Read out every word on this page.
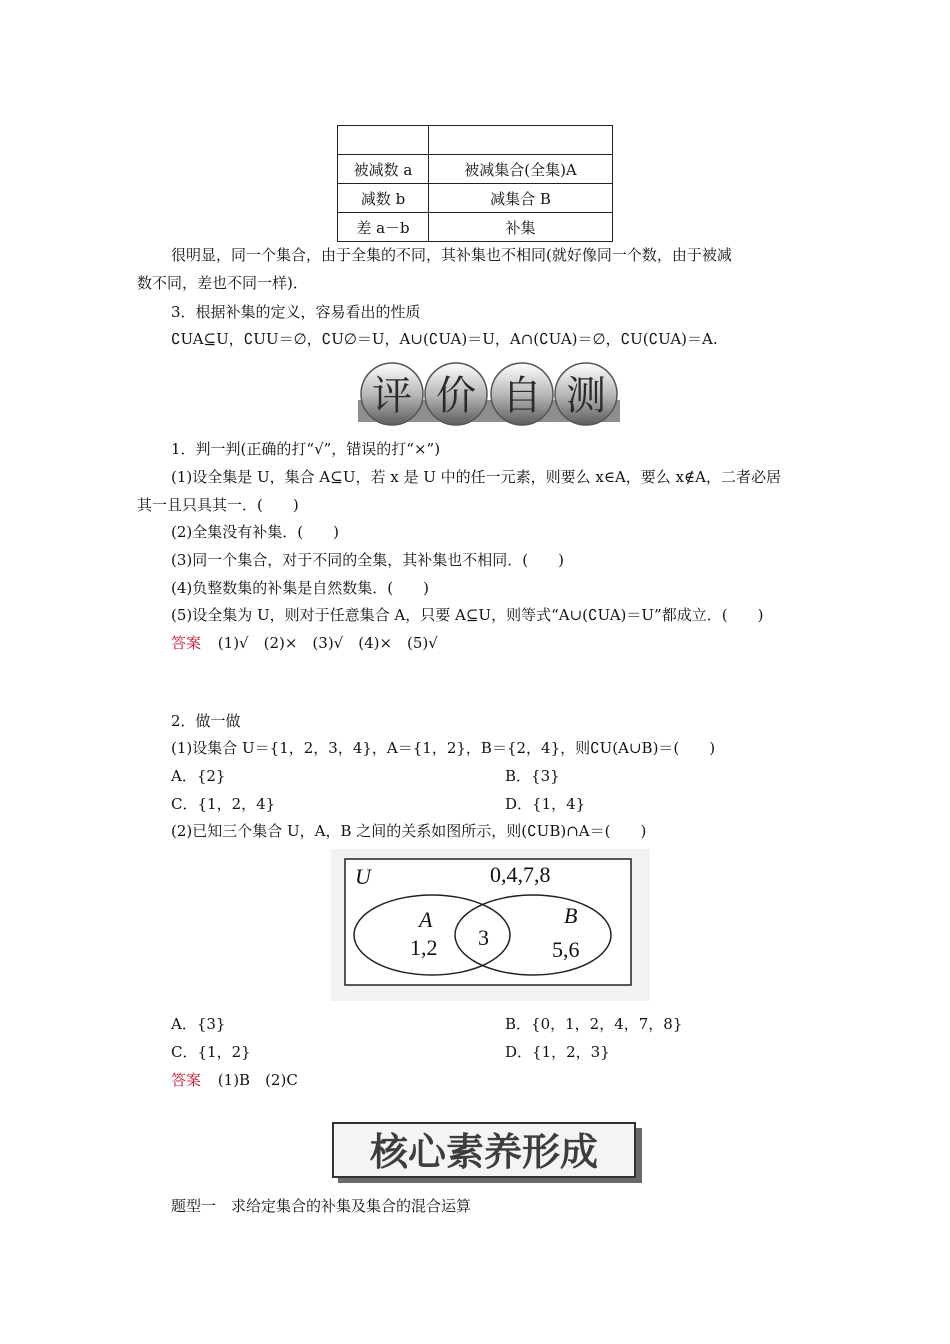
被减数 a	被减集合(全集)A
减数 b	减集合 B
差 a－b	补集
很明显，同一个集合，由于全集的不同，其补集也不相同(就好像同一个数，由于被减
数不同，差也不同一样)．
3．根据补集的定义，容易看出的性质
∁UA⊆U，∁UU＝∅，∁U∅＝U，A∪(∁UA)＝U，A∩(∁UA)＝∅，∁U(∁UA)＝A.
评 价 自 测
1．判一判(正确的打“√”，错误的打“×”)
(1)设全集是 U，集合 A⊆U，若 x 是 U 中的任一元素，则要么 x∈A，要么 x∉A，二者必居
其一且只具其一．(　　)
(2)全集没有补集．(　　)
(3)同一个集合，对于不同的全集，其补集也不相同．(　　)
(4)负整数集的补集是自然数集．(　　)
(5)设全集为 U，则对于任意集合 A，只要 A⊆U，则等式“A∪(∁UA)＝U”都成立．(　　)
答案 (1)√　(2)×　(3)√　(4)×　(5)√
2．做一做
(1)设集合 U＝{1，2，3，4}，A＝{1，2}，B＝{2，4}，则∁U(A∪B)＝(　　)
A．{2}	B．{3}
C．{1，2，4}	D．{1，4}
(2)已知三个集合 U，A，B 之间的关系如图所示，则(∁UB)∩A＝(　　)
U	0,4,7,8
A
1,2 3
B
5,6
A．{3}	B．{0，1，2，4，7，8}
C．{1，2}	D．{1，2，3}
答案 (1)B　(2)C
核心素养形成
题型一　求给定集合的补集及集合的混合运算
